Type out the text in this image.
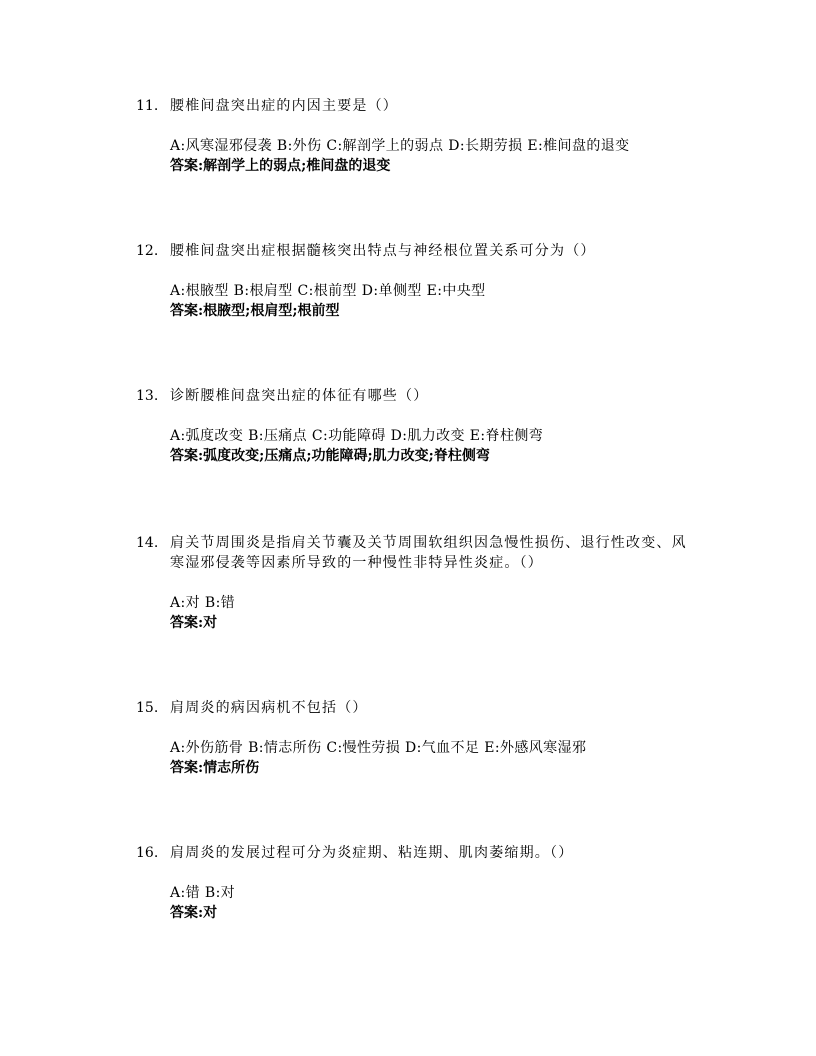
11. 腰椎间盘突出症的内因主要是（）
A:风寒湿邪侵袭 B:外伤 C:解剖学上的弱点 D:长期劳损 E:椎间盘的退变
答案:解剖学上的弱点;椎间盘的退变
12. 腰椎间盘突出症根据髓核突出特点与神经根位置关系可分为（）
A:根腋型 B:根肩型 C:根前型 D:单侧型 E:中央型
答案:根腋型;根肩型;根前型
13. 诊断腰椎间盘突出症的体征有哪些（）
A:弧度改变 B:压痛点 C:功能障碍 D:肌力改变 E:脊柱侧弯
答案:弧度改变;压痛点;功能障碍;肌力改变;脊柱侧弯
14. 肩关节周围炎是指肩关节囊及关节周围软组织因急慢性损伤、退行性改变、风寒湿邪侵袭等因素所导致的一种慢性非特异性炎症。（）
A:对 B:错
答案:对
15. 肩周炎的病因病机不包括（）
A:外伤筋骨 B:情志所伤 C:慢性劳损 D:气血不足 E:外感风寒湿邪
答案:情志所伤
16. 肩周炎的发展过程可分为炎症期、粘连期、肌肉萎缩期。（）
A:错 B:对
答案:对
